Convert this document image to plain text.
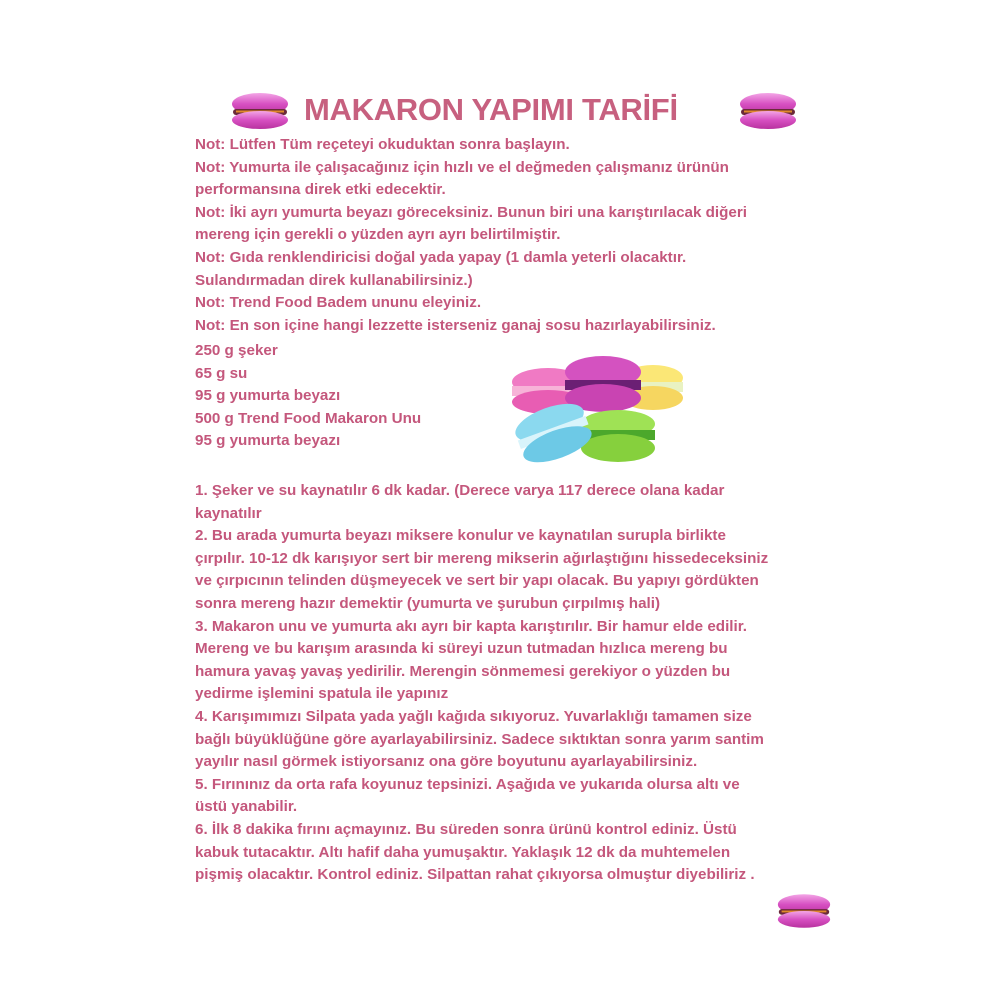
MAKARON YAPIMI TARİFİ
Not: Lütfen Tüm reçeteyi okuduktan sonra başlayın.
Not: Yumurta ile çalışacağınız için hızlı ve el değmeden çalışmanız ürünün
performansına direk etki edecektir.
Not: İki ayrı yumurta beyazı göreceksiniz. Bunun biri una karıştırılacak diğeri
mereng için gerekli o yüzden ayrı ayrı belirtilmiştir.
Not: Gıda renklendiricisi doğal yada yapay (1 damla yeterli olacaktır.
Sulandırmadan direk kullanabilirsiniz.)
Not: Trend Food Badem ununu eleyiniz.
Not: En son içine hangi lezzette isterseniz ganaj sosu hazırlayabilirsiniz.
250 g şeker
65 g su
95 g yumurta beyazı
500 g Trend Food Makaron Unu
95 g yumurta beyazı
1. Şeker ve su kaynatılır 6 dk kadar. (Derece varya 117 derece olana kadar
kaynatılır
2. Bu arada yumurta beyazı miksere konulur ve kaynatılan surupla birlikte
çırpılır. 10-12 dk karışıyor sert bir mereng mikserin ağırlaştığını hissedeceksiniz
ve çırpıcının telinden düşmeyecek ve sert bir yapı olacak. Bu yapıyı gördükten
sonra mereng hazır demektir (yumurta ve şurubun çırpılmış hali)
3. Makaron unu ve yumurta akı ayrı bir kapta karıştırılır. Bir hamur elde edilir.
Mereng ve bu karışım arasında ki süreyi uzun tutmadan hızlıca mereng bu
hamura yavaş yavaş yedirilir. Merengin sönmemesi gerekiyor o yüzden bu
yedirme işlemini spatula ile yapınız
4. Karışımımızı Silpata yada yağlı kağıda sıkıyoruz. Yuvarlaklığı tamamen size
bağlı büyüklüğüne göre ayarlayabilirsiniz. Sadece sıktıktan sonra yarım santim
yayılır nasıl görmek istiyorsanız ona göre boyutunu ayarlayabilirsiniz.
5. Fırınınız da orta rafa koyunuz tepsinizi. Aşağıda ve yukarıda olursa altı ve
üstü yanabilir.
6. İlk 8 dakika fırını açmayınız. Bu süreden sonra ürünü kontrol ediniz. Üstü
kabuk tutacaktır. Altı hafif daha yumuşaktır. Yaklaşık 12 dk da muhtemelen
pişmiş olacaktır. Kontrol ediniz. Silpattan rahat çıkıyorsa olmuştur diyebiliriz .
